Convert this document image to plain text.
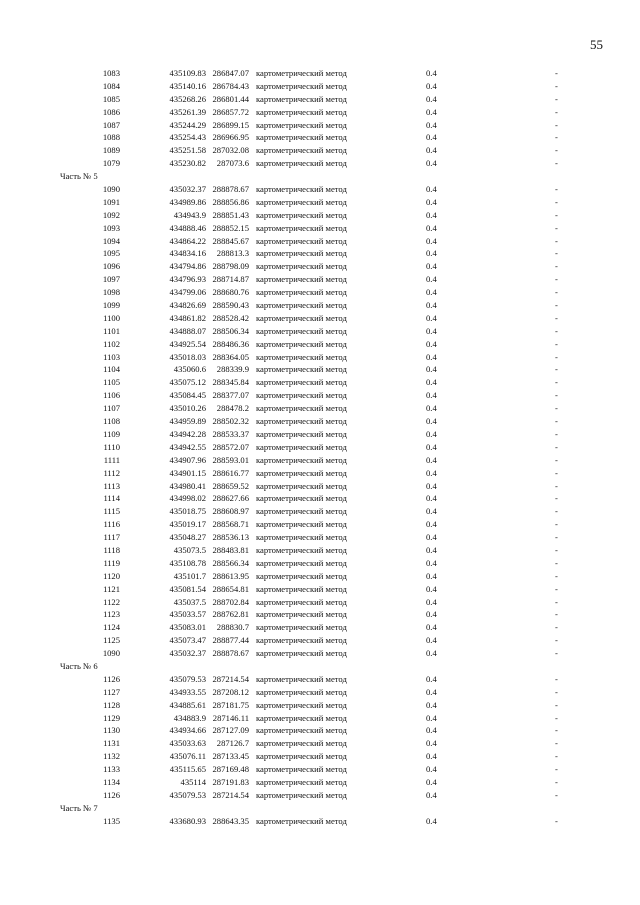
55
1083	435109.83 286847.07 картометрический метод	0.4	-
1084	435140.16 286784.43 картометрический метод	0.4	-
1085	435268.26 286801.44 картометрический метод	0.4	-
1086	435261.39 286857.72 картометрический метод	0.4	-
1087	435244.29 286899.15 картометрический метод	0.4	-
1088	435254.43 286966.95 картометрический метод	0.4	-
1089	435251.58 287032.08 картометрический метод	0.4	-
1079	435230.82	287073.6 картометрический метод	0.4	-
Часть № 5
1090	435032.37 288878.67 картометрический метод	0.4	-
1091	434989.86 288856.86 картометрический метод	0.4	-
1092	434943.9 288851.43 картометрический метод	0.4	-
1093	434888.46 288852.15 картометрический метод	0.4	-
1094	434864.22 288845.67 картометрический метод	0.4	-
1095	434834.16	288813.3 картометрический метод	0.4	-
1096	434794.86 288798.09 картометрический метод	0.4	-
1097	434796.93 288714.87 картометрический метод	0.4	-
1098	434799.06 288680.76 картометрический метод	0.4	-
1099	434826.69 288590.43 картометрический метод	0.4	-
1100	434861.82 288528.42 картометрический метод	0.4	-
1101	434888.07 288506.34 картометрический метод	0.4	-
1102	434925.54 288486.36 картометрический метод	0.4	-
1103	435018.03 288364.05 картометрический метод	0.4	-
1104	435060.6	288339.9 картометрический метод	0.4	-
1105	435075.12 288345.84 картометрический метод	0.4	-
1106	435084.45 288377.07 картометрический метод	0.4	-
1107	435010.26	288478.2 картометрический метод	0.4	-
1108	434959.89 288502.32 картометрический метод	0.4	-
1109	434942.28 288533.37 картометрический метод	0.4	-
1110	434942.55 288572.07 картометрический метод	0.4	-
1111	434907.96 288593.01 картометрический метод	0.4	-
1112	434901.15 288616.77 картометрический метод	0.4	-
1113	434980.41 288659.52 картометрический метод	0.4	-
1114	434998.02 288627.66 картометрический метод	0.4	-
1115	435018.75 288608.97 картометрический метод	0.4	-
1116	435019.17 288568.71 картометрический метод	0.4	-
1117	435048.27 288536.13 картометрический метод	0.4	-
1118	435073.5 288483.81 картометрический метод	0.4	-
1119	435108.78 288566.34 картометрический метод	0.4	-
1120	435101.7 288613.95 картометрический метод	0.4	-
1121	435081.54 288654.81 картометрический метод	0.4	-
1122	435037.5 288702.84 картометрический метод	0.4	-
1123	435033.57 288762.81 картометрический метод	0.4	-
1124	435083.01	288830.7 картометрический метод	0.4	-
1125	435073.47 288877.44 картометрический метод	0.4	-
1090	435032.37 288878.67 картометрический метод	0.4	-
Часть № 6
1126	435079.53 287214.54 картометрический метод	0.4	-
1127	434933.55 287208.12 картометрический метод	0.4	-
1128	434885.61 287181.75 картометрический метод	0.4	-
1129	434883.9 287146.11 картометрический метод	0.4	-
1130	434934.66 287127.09 картометрический метод	0.4	-
1131	435033.63	287126.7 картометрический метод	0.4	-
1132	435076.11 287133.45 картометрический метод	0.4	-
1133	435115.65 287169.48 картометрический метод	0.4	-
1134	435114 287191.83 картометрический метод	0.4	-
1126	435079.53 287214.54 картометрический метод	0.4	-
Часть № 7
1135	433680.93 288643.35 картометрический метод	0.4	-
